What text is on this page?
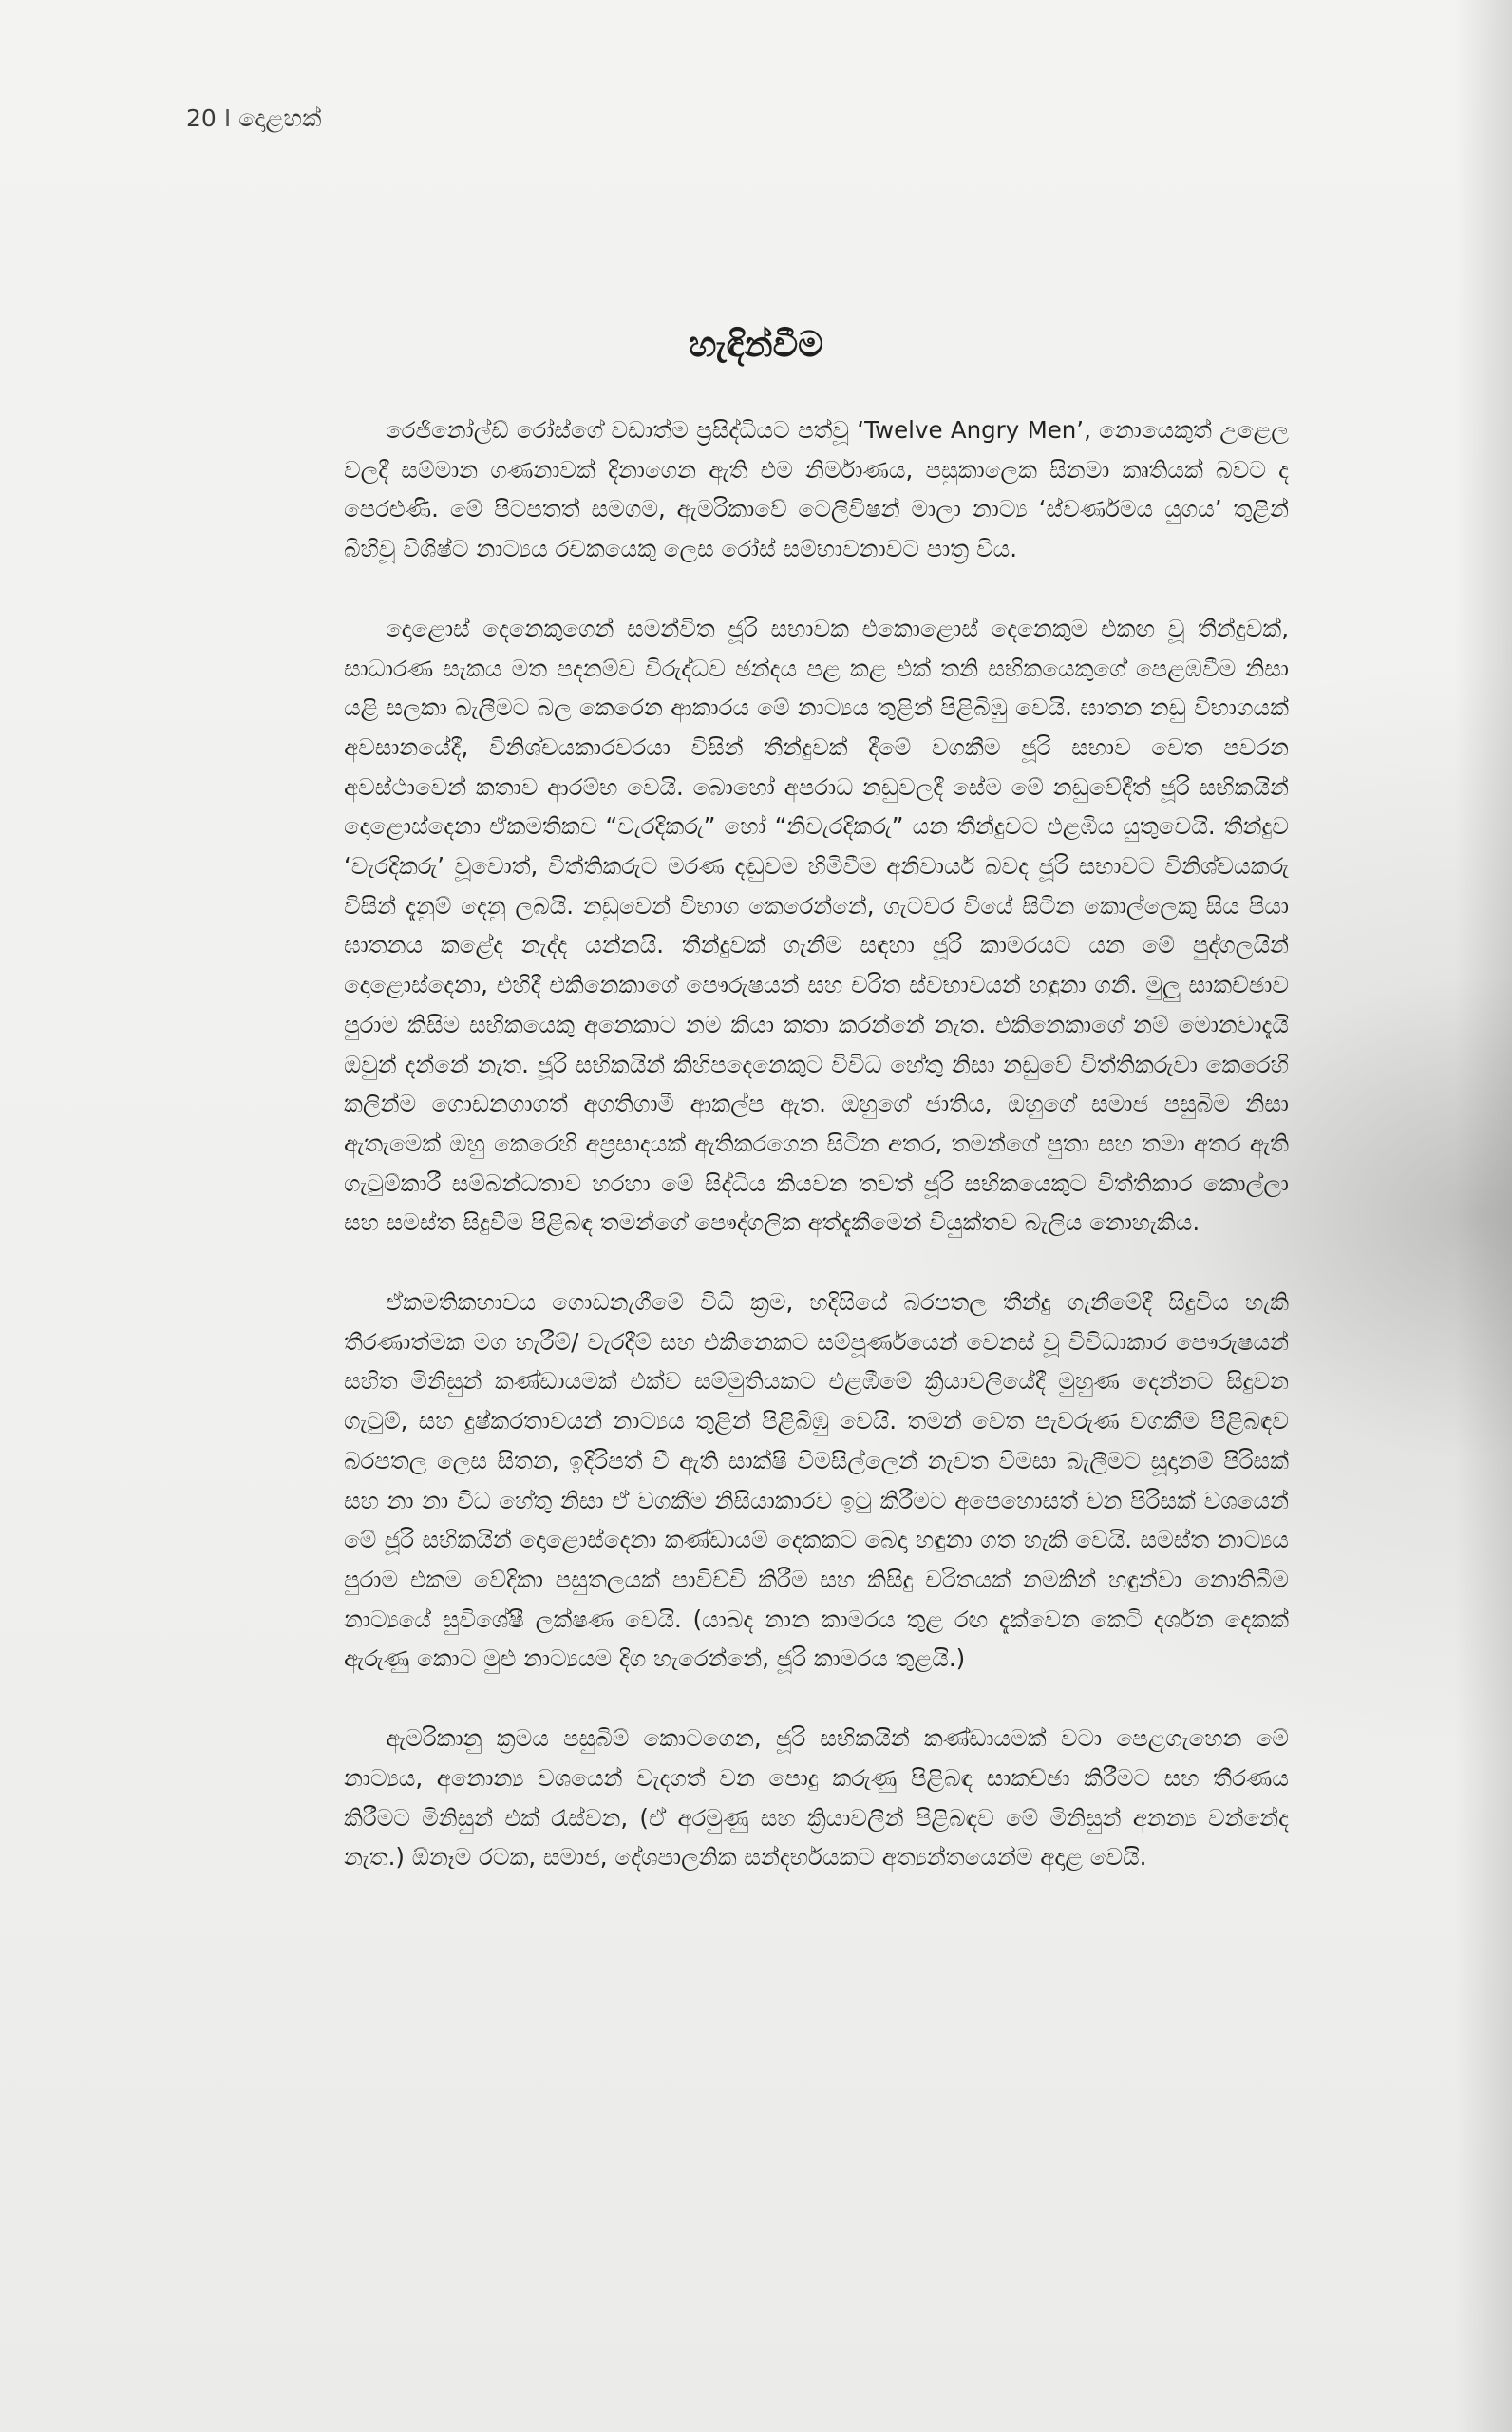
20 I දොළහක්
හැඳින්වීම

රෙජිනෝල්ඩ් රෝස්ගේ වඩාත්ම ප්‍රසිද්ධියට පත්වූ ‘Twelve Angry Men’, නොයෙකුත් උළෙල වලදී සම්මාන ගණනාවක් දිනාගෙන ඇති එම නිර්මාණය, පසුකාලෙක සිනමා කෘතියක් බවට ද පෙරළුණි. මේ පිටපතත් සමගම, ඇමරිකාවේ ටෙලිවිෂන් මාලා නාට්‍ය ‘ස්වර්ණමය යුගය’ තුළින් බිහිවූ විශිෂ්ට නාට්‍යය රචකයෙකු ලෙස රෝස් සම්භාවනාවට පාත්‍ර විය.

දොළොස් දෙනෙකුගෙන් සමන්විත ජූරි සභාවක එකොළොස් දෙනෙකුම එකඟ වූ තීන්දුවක්, සාධාරණ සැකය මත පදනම්ව විරුද්ධව ඡන්දය පළ කළ එක් තනි සභිකයෙකුගේ පෙළඹවීම නිසා යළි සලකා බැලීමට බල කෙරෙන ආකාරය මේ නාට්‍යය තුළින් පිළිබිඹු වෙයි. ඝාතන නඩු විභාගයක් අවසානයේදී, විනිශ්චයකාරවරයා විසින් තීන්දුවක් දීමේ වගකීම ජූරි සභාව වෙත පවරන අවස්ථාවෙන් කතාව ආරම්භ වෙයි. බොහෝ අපරාධ නඩුවලදී සේම මේ නඩුවේදීත් ජූරි සභිකයින් දොළොස්දෙනා ඒකමතිකව “වැරදිකරු” හෝ “නිවැරදිකරු” යන තීන්දුවට එළඹිය යුතුවෙයි. තීන්දුව ‘වැරදිකරු’ වූවොත්, විත්තිකරුට මරණ දඬුවම හිමිවීම අනිවාර්ය බවද ජූරි සභාවට විනිශ්චයකරු විසින් දැනුම් දෙනු ලබයි. නඩුවෙන් විභාග කෙරෙන්නේ, ගැටවර වියේ සිටින කොල්ලෙකු සිය පියා ඝාතනය කළේද නැද්ද යන්නයි. තීන්දුවක් ගැනීම සඳහා ජූරි කාමරයට යන මේ පුද්ගලයින් දොළොස්දෙනා, එහිදී එකිනෙකාගේ පෞරුෂයන් සහ චරිත ස්වභාවයන් හඳුනා ගනී. මුලු සාකච්ඡාව පුරාම කිසිම සභිකයෙකු අනෙකාට නම කියා කතා කරන්නේ නැත. එකිනෙකාගේ නම් මොනවාදැයි ඔවුන් දන්නේ නැත. ජූරි සභිකයින් කිහිපදෙනෙකුට විවිධ හේතු නිසා නඩුවේ විත්තිකරුවා කෙරෙහි කලින්ම ගොඩනගාගත් අගතිගාමී ආකල්ප ඇත. ඔහුගේ ජාතිය, ඔහුගේ සමාජ පසුබිම නිසා ඇතැමෙක් ඔහු කෙරෙහි අප්‍රසාදයක් ඇතිකරගෙන සිටින අතර, තමන්ගේ පුතා සහ තමා අතර ඇති ගැටුම්කාරී සම්බන්ධතාව හරහා මේ සිද්ධිය කියවන තවත් ජූරි සභිකයෙකුට විත්තිකාර කොල්ලා සහ සමස්ත සිදුවීම පිළිබඳ තමන්ගේ පෞද්ගලික අත්දැකීමෙන් වියුක්තව බැලිය නොහැකිය.

ඒකමතිකභාවය ගොඩනැගීමේ විධි ක්‍රම, හදිසියේ බරපතල තීන්දු ගැනීමේදී සිදුවිය හැකි තීරණාත්මක මග හැරීම්/ වැරදීම් සහ එකිනෙකට සම්පූර්ණයෙන් වෙනස් වූ විවිධාකාර පෞරුෂයන් සහිත මිනිසුන් කණ්ඩායමක් එක්ව සම්මුතියකට එළඹීමේ ක්‍රියාවලියේදී මුහුණ දෙන්නට සිදුවන ගැටුම්, සහ දුෂ්කරතාවයන් නාට්‍යය තුළින් පිළිබිඹු වෙයි. තමන් වෙත පැවරුණ වගකීම පිළිබඳව බරපතල ලෙස සිතන, ඉදිරිපත් වී ඇති සාක්ෂි විමසිල්ලෙන් නැවත විමසා බැලීමට සූදානම් පිරිසක් සහ නා නා විධ හේතු නිසා ඒ වගකීම නිසියාකාරව ඉටු කිරීමට අපෙහොසත් වන පිරිසක් වශයෙන් මේ ජූරි සභිකයින් දොළොස්දෙනා කණ්ඩායම් දෙකකට බෙදා හඳුනා ගත හැකි වෙයි. සමස්ත නාට්‍යය පුරාම එකම වේදිකා පසුතලයක් පාවිච්චි කිරීම සහ කිසිදු චරිතයක් නමකින් හඳුන්වා නොතිබීම නාට්‍යයේ සුවිශේෂී ලක්ෂණ වෙයි. (යාබද නාන කාමරය තුළ රඟ දැක්වෙන කෙටි දර්ශන දෙකක් ඇරුණු කොට මුළු නාට්‍යයම දිග හැරෙන්නේ, ජූරි කාමරය තුළයි.)

ඇමරිකානු ක්‍රමය පසුබිම් කොටගෙන, ජූරි සභිකයින් කණ්ඩායමක් වටා පෙළගැහෙන මේ නාට්‍යය, අනොන්‍ය වශයෙන් වැදගත් වන පොදු කරුණු පිළිබඳ සාකච්ඡා කිරීමට සහ තීරණය කිරීමට මිනිසුන් එක් රැස්වන, (ඒ අරමුණු සහ ක්‍රියාවලීන් පිළිබඳව මේ මිනිසුන් අනන්‍ය වන්නේද නැත.) ඕනෑම රටක, සමාජ, දේශපාලනික සන්දර්භයකට අත්‍යන්තයෙන්ම අදාළ වෙයි.
